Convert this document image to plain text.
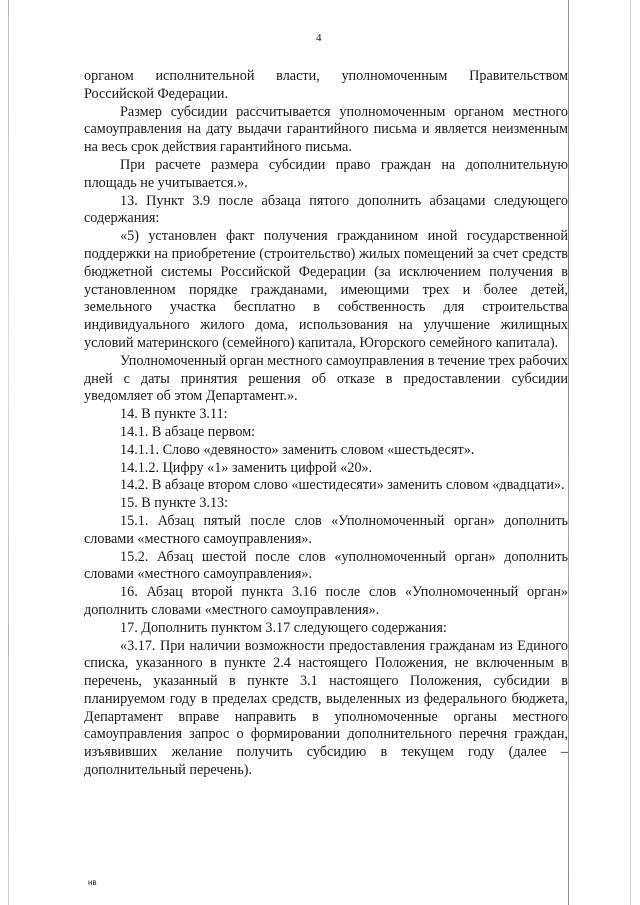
4

органом исполнительной власти, уполномоченным Правительством Российской Федерации.

Размер субсидии рассчитывается уполномоченным органом местного самоуправления на дату выдачи гарантийного письма и является неизменным на весь срок действия гарантийного письма.

При расчете размера субсидии право граждан на дополнительную площадь не учитывается.».

13. Пункт 3.9 после абзаца пятого дополнить абзацами следующего содержания:

«5) установлен факт получения гражданином иной государственной поддержки на приобретение (строительство) жилых помещений за счет средств бюджетной системы Российской Федерации (за исключением получения в установленном порядке гражданами, имеющими трех и более детей, земельного участка бесплатно в собственность для строительства индивидуального жилого дома, использования на улучшение жилищных условий материнского (семейного) капитала, Югорского семейного капитала).

Уполномоченный орган местного самоуправления в течение трех рабочих дней с даты принятия решения об отказе в предоставлении субсидии уведомляет об этом Департамент.».

14. В пункте 3.11:

14.1. В абзаце первом:

14.1.1. Слово «девяносто» заменить словом «шестьдесят».

14.1.2. Цифру «1» заменить цифрой «20».

14.2. В абзаце втором слово «шестидесяти» заменить словом «двадцати».

15. В пункте 3.13:

15.1. Абзац пятый после слов «Уполномоченный орган» дополнить словами «местного самоуправления».

15.2. Абзац шестой после слов «уполномоченный орган» дополнить словами «местного самоуправления».

16. Абзац второй пункта 3.16 после слов «Уполномоченный орган» дополнить словами «местного самоуправления».

17. Дополнить пунктом 3.17 следующего содержания:

«3.17. При наличии возможности предоставления гражданам из Единого списка, указанного в пункте 2.4 настоящего Положения, не включенным в перечень, указанный в пункте 3.1 настоящего Положения, субсидии в планируемом году в пределах средств, выделенных из федерального бюджета, Департамент вправе направить в уполномоченные органы местного самоуправления запрос о формировании дополнительного перечня граждан, изъявивших желание получить субсидию в текущем году (далее – дополнительный перечень).

нв
